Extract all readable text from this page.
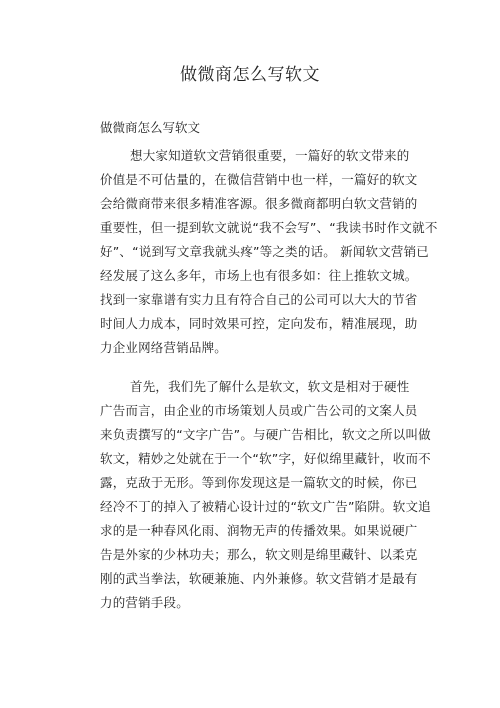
做微商怎么写软文
做微商怎么写软文
想大家知道软文营销很重要，一篇好的软文带来的
价值是不可估量的，在微信营销中也一样，一篇好的软文
会给微商带来很多精准客源。很多微商都明白软文营销的
重要性，但一提到软文就说“我不会写”、“我读书时作文就不
好”、“说到写文章我就头疼”等之类的话。 新闻软文营销已
经发展了这么多年，市场上也有很多如：往上推软文城。
找到一家靠谱有实力且有符合自己的公司可以大大的节省
时间人力成本，同时效果可控，定向发布，精准展现，助
力企业网络营销品牌。
首先，我们先了解什么是软文，软文是相对于硬性
广告而言，由企业的市场策划人员或广告公司的文案人员
来负责撰写的“文字广告”。与硬广告相比，软文之所以叫做
软文，精妙之处就在于一个“软”字，好似绵里藏针，收而不
露，克敌于无形。等到你发现这是一篇软文的时候，你已
经冷不丁的掉入了被精心设计过的“软文广告”陷阱。软文追
求的是一种春风化雨、润物无声的传播效果。如果说硬广
告是外家的少林功夫；那么，软文则是绵里藏针、以柔克
刚的武当拳法，软硬兼施、内外兼修。软文营销才是最有
力的营销手段。
